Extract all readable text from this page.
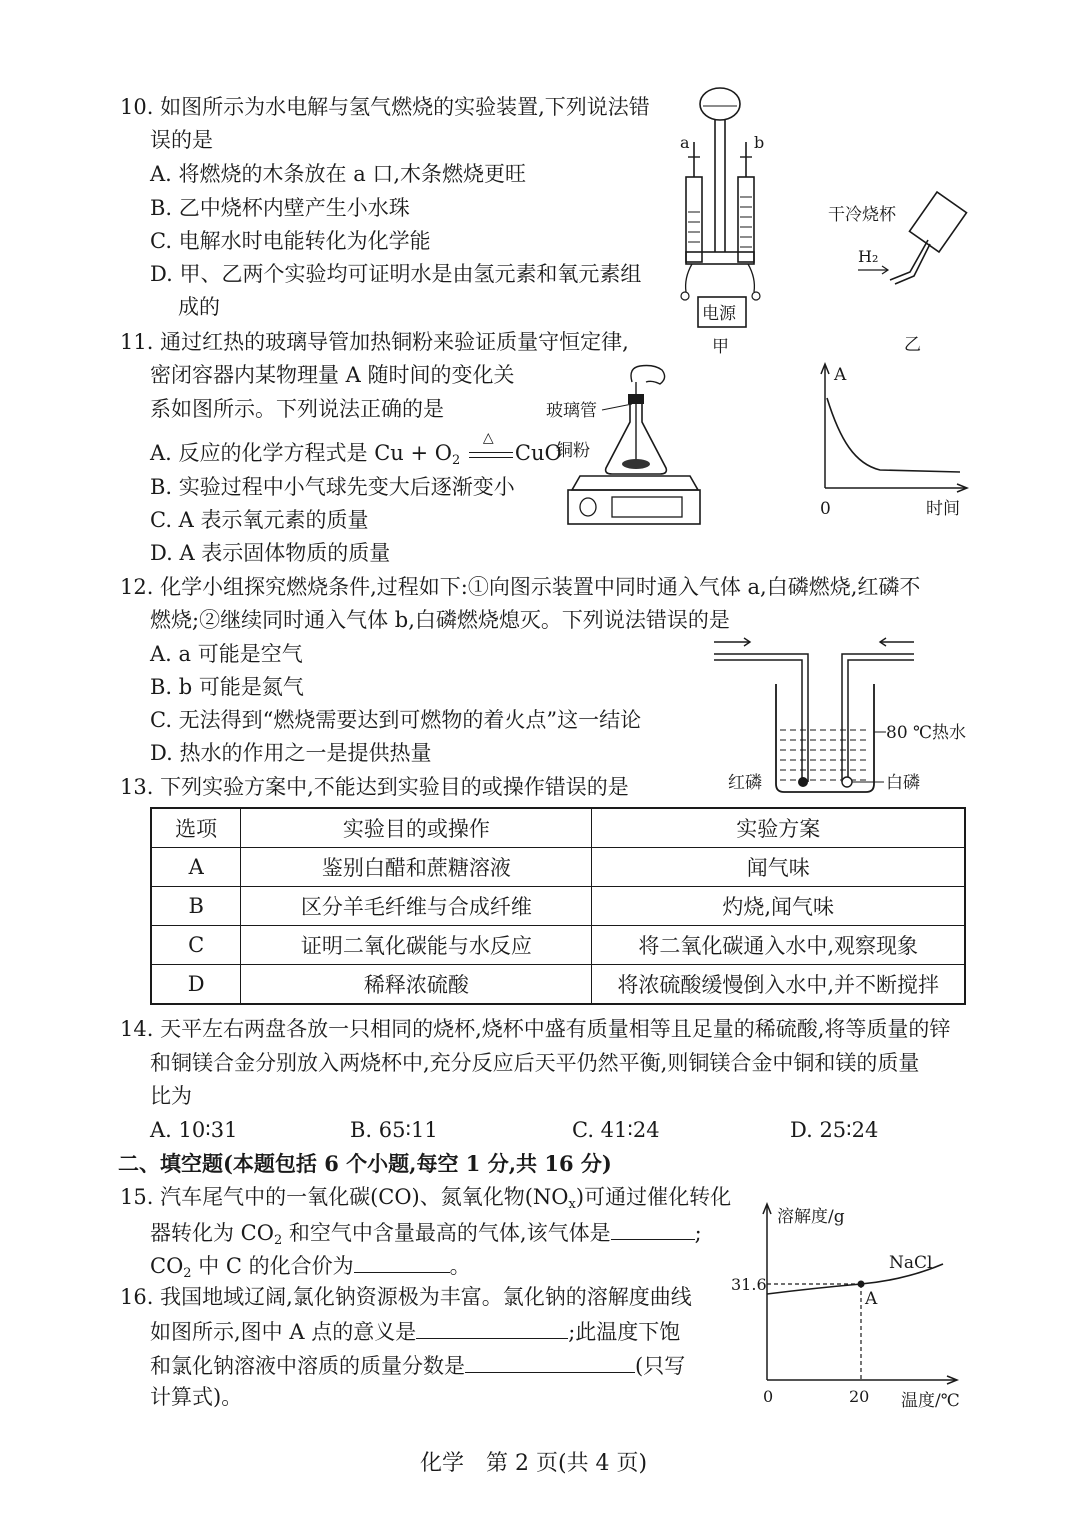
10. 如图所示为水电解与氢气燃烧的实验装置,下列说法错
误的是
A. 将燃烧的木条放在 a 口,木条燃烧更旺
B. 乙中烧杯内壁产生小水珠
C. 电解水时电能转化为化学能
D. 甲、乙两个实验均可证明水是由氢元素和氧元素组
成的
a	b
电源
甲
干冷烧杯
H₂
乙
11. 通过红热的玻璃导管加热铜粉来验证质量守恒定律,
密闭容器内某物理量 A 随时间的变化关
系如图所示。下列说法正确的是
A. 反应的化学方程式是 $Cu + O_2$
△
CuO
B. 实验过程中小气球先变大后逐渐变小
C. A 表示氧元素的质量
D. A 表示固体物质的质量
玻璃管
铜粉
A
0	时间
12. 化学小组探究燃烧条件,过程如下:①向图示装置中同时通入气体 a,白磷燃烧,红磷不
燃烧;②继续同时通入气体 b,白磷燃烧熄灭。下列说法错误的是
A. a 可能是空气
B. b 可能是氮气
C. 无法得到“燃烧需要达到可燃物的着火点”这一结论
D. 热水的作用之一是提供热量
80 ℃热水
红磷	白磷
13. 下列实验方案中,不能达到实验目的或操作错误的是
选项	实验目的或操作	实验方案
A	鉴别白醋和蔗糖溶液	闻气味
B	区分羊毛纤维与合成纤维	灼烧,闻气味
C	证明二氧化碳能与水反应	将二氧化碳通入水中,观察现象
D	稀释浓硫酸	将浓硫酸缓慢倒入水中,并不断搅拌
14. 天平左右两盘各放一只相同的烧杯,烧杯中盛有质量相等且足量的稀硫酸,将等质量的锌
和铜镁合金分别放入两烧杯中,充分反应后天平仍然平衡,则铜镁合金中铜和镁的质量
比为
A. 10∶31	B. 65∶11	C. 41∶24	D. 25∶24
二、填空题(本题包括 6 个小题,每空 1 分,共 16 分)
15. 汽车尾气中的一氧化碳(CO)、氮氧化物$(NO_x)$可通过催化转化
器转化为 $CO_2$ 和空气中含量最高的气体,该气体是	;
$CO_2$ 中 C 的化合价为	。
16. 我国地域辽阔,氯化钠资源极为丰富。氯化钠的溶解度曲线
如图所示,图中 A 点的意义是	;此温度下饱
和氯化钠溶液中溶质的质量分数是	(只写
计算式)。
溶解度/g
NaCl
A
31.6
20
0	温度/℃
化学　第 2 页(共 4 页)
